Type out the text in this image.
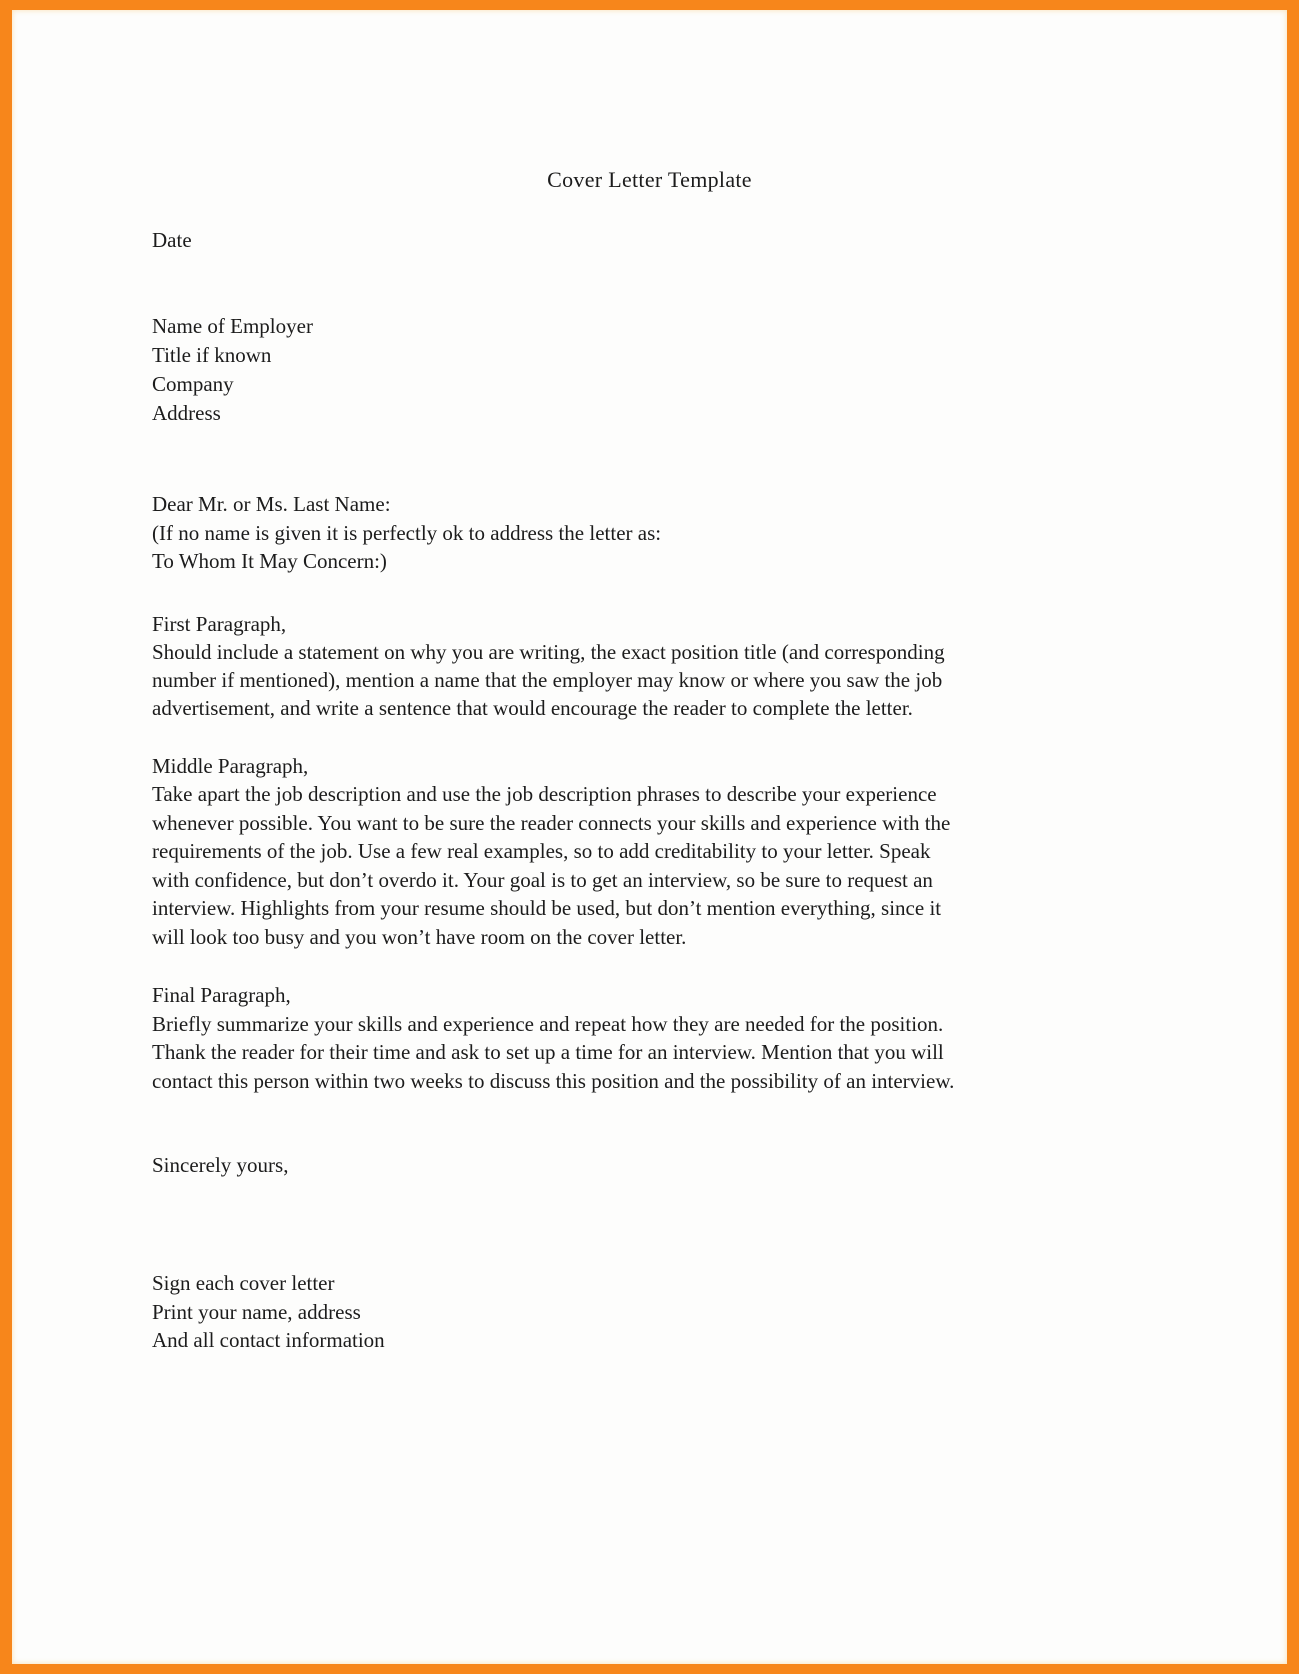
Cover Letter Template
Date
Name of Employer
Title if known
Company
Address
Dear Mr. or Ms. Last Name:
(If no name is given it is perfectly ok to address the letter as:
To Whom It May Concern:)
First Paragraph,
Should include a statement on why you are writing, the exact position title (and corresponding
number if mentioned), mention a name that the employer may know or where you saw the job
advertisement, and write a sentence that would encourage the reader to complete the letter.
Middle Paragraph,
Take apart the job description and use the job description phrases to describe your experience
whenever possible. You want to be sure the reader connects your skills and experience with the
requirements of the job. Use a few real examples, so to add creditability to your letter. Speak
with confidence, but don’t overdo it. Your goal is to get an interview, so be sure to request an
interview. Highlights from your resume should be used, but don’t mention everything, since it
will look too busy and you won’t have room on the cover letter.
Final Paragraph,
Briefly summarize your skills and experience and repeat how they are needed for the position.
Thank the reader for their time and ask to set up a time for an interview. Mention that you will
contact this person within two weeks to discuss this position and the possibility of an interview.
Sincerely yours,
Sign each cover letter
Print your name, address
And all contact information
